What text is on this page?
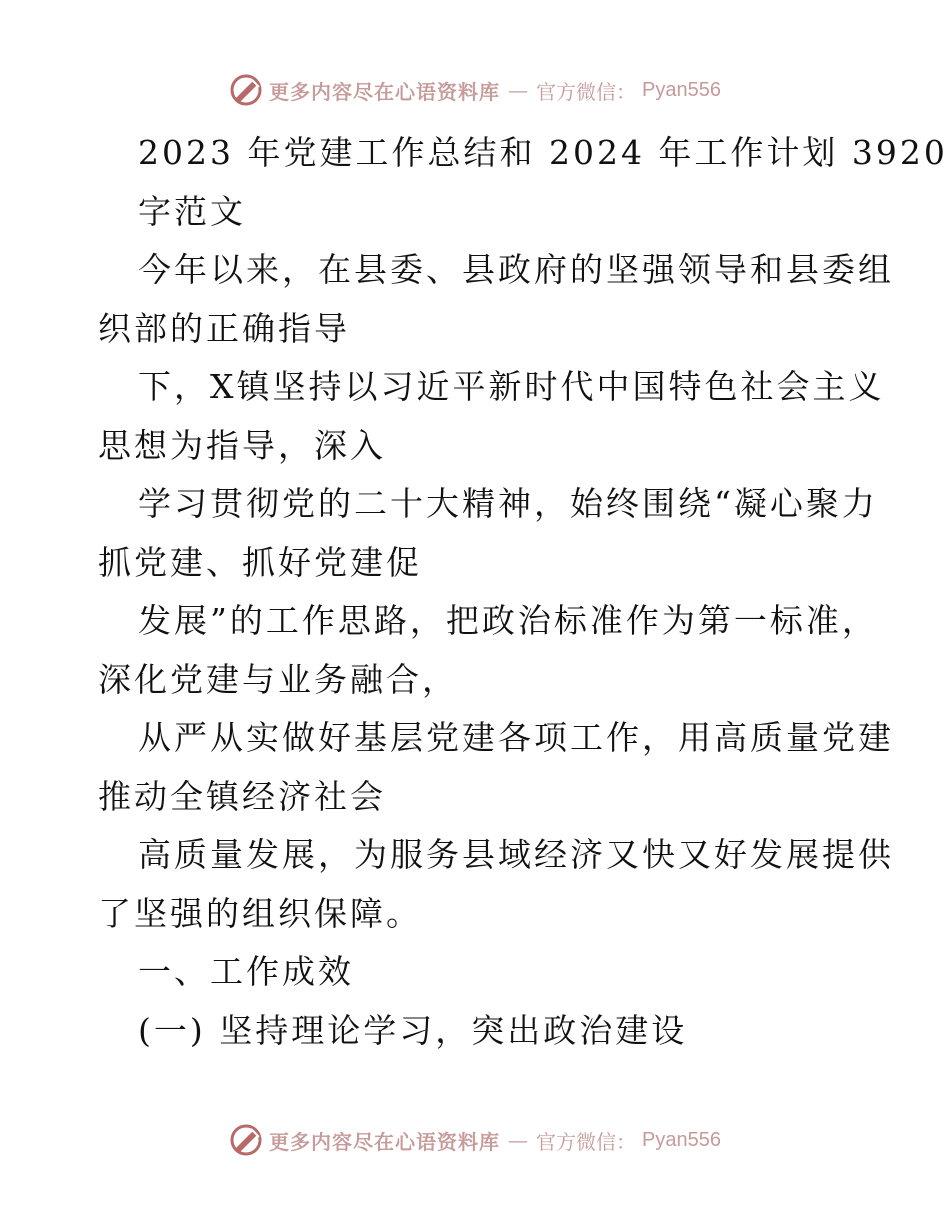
更多内容尽在心语资料库 — 官方微信： Pyan556
2023 年党建工作总结和 2024 年工作计划 3920
字范文
今年以来，在县委、县政府的坚强领导和县委组
织部的正确指导
下，X镇坚持以习近平新时代中国特色社会主义
思想为指导，深入
学习贯彻党的二十大精神，始终围绕“凝心聚力
抓党建、抓好党建促
发展”的工作思路，把政治标准作为第一标准，
深化党建与业务融合，
从严从实做好基层党建各项工作，用高质量党建
推动全镇经济社会
高质量发展，为服务县域经济又快又好发展提供
了坚强的组织保障。
一、工作成效
(一) 坚持理论学习，突出政治建设
更多内容尽在心语资料库 — 官方微信： Pyan556
